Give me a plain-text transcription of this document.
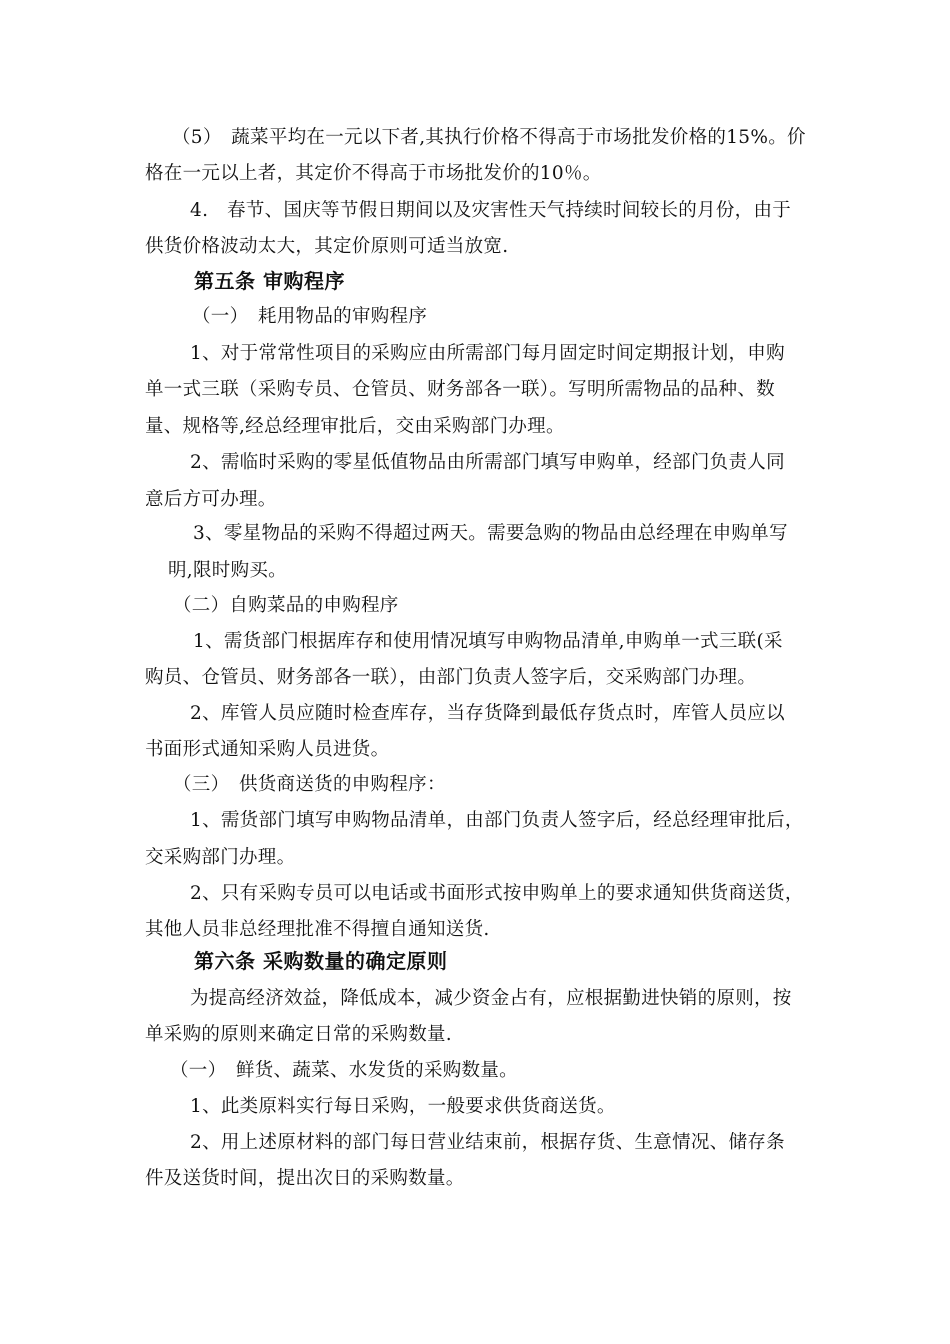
（5）　蔬菜平均在一元以下者,其执行价格不得高于市场批发价格的15%。价
格在一元以上者，其定价不得高于市场批发价的10％。
4.　春节、国庆等节假日期间以及灾害性天气持续时间较长的月份，由于
供货价格波动太大，其定价原则可适当放宽.
第五条 审购程序
（一）　耗用物品的审购程序
1、对于常常性项目的采购应由所需部门每月固定时间定期报计划，申购
单一式三联（采购专员、仓管员、财务部各一联）。写明所需物品的品种、数
量、规格等,经总经理审批后，交由采购部门办理。
2、需临时采购的零星低值物品由所需部门填写申购单，经部门负责人同
意后方可办理。
3、零星物品的采购不得超过两天。需要急购的物品由总经理在申购单写
明,限时购买。
（二）自购菜品的申购程序
1、需货部门根据库存和使用情况填写申购物品清单,申购单一式三联(采
购员、仓管员、财务部各一联），由部门负责人签字后，交采购部门办理。
2、库管人员应随时检查库存，当存货降到最低存货点时，库管人员应以
书面形式通知采购人员进货。
（三）　供货商送货的申购程序：
1、需货部门填写申购物品清单，由部门负责人签字后，经总经理审批后，
交采购部门办理。
2、只有采购专员可以电话或书面形式按申购单上的要求通知供货商送货，
其他人员非总经理批准不得擅自通知送货.
第六条 采购数量的确定原则
为提高经济效益，降低成本，减少资金占有，应根据勤进快销的原则，按
单采购的原则来确定日常的采购数量.
（一）　鲜货、蔬菜、水发货的采购数量。
1、此类原料实行每日采购，一般要求供货商送货。
2、用上述原材料的部门每日营业结束前，根据存货、生意情况、储存条
件及送货时间，提出次日的采购数量。
